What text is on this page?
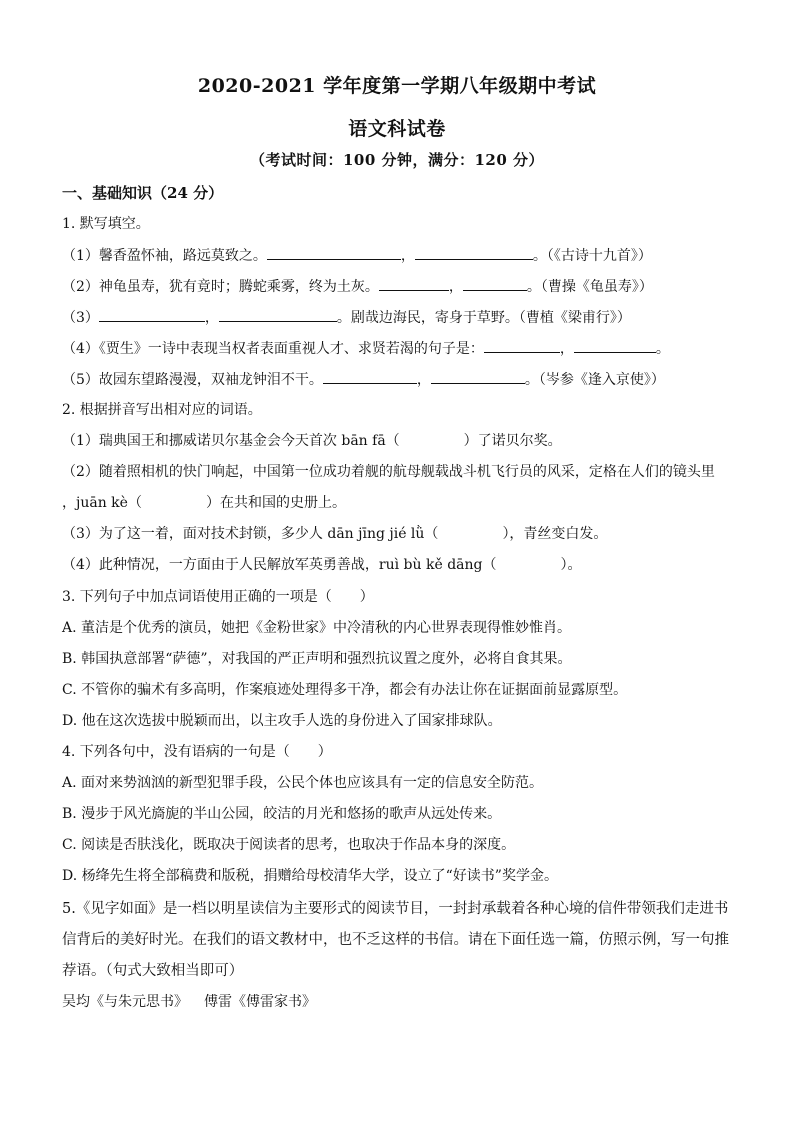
2020-2021 学年度第一学期八年级期中考试
语文科试卷
（考试时间：100 分钟，满分：120 分）
一、基础知识（24 分）
1. 默写填空。
（1）馨香盈怀袖，路远莫致之。	，	。（《古诗十九首》）
（2）神龟虽寿，犹有竟时；腾蛇乘雾，终为土灰。	，	。（曹操《龟虽寿》）
（3）	，	。剧哉边海民，寄身于草野。（曹植《梁甫行》）
（4）《贾生》一诗中表现当权者表面重视人才、求贤若渴的句子是：	，	。
（5）故园东望路漫漫，双袖龙钟泪不干。	，	。（岑参《逢入京使》）
2. 根据拼音写出相对应的词语。
（1）瑞典国王和挪威诺贝尔基金会今天首次 bān fā（	）了诺贝尔奖。
（2）随着照相机的快门响起，中国第一位成功着舰的航母舰载战斗机飞行员的风采，定格在人们的镜头里
，juān kè（	）在共和国的史册上。
（3）为了这一着，面对技术封锁，多少人 dān jīng jié lǜ（	），青丝变白发。
（4）此种情况，一方面由于人民解放军英勇善战，ruì bù kě dāng（	）。
3. 下列句子中加点词语使用正确的一项是（　　）
A. 董洁是个优秀的演员，她把《金粉世家》中冷清秋的内心世界表现得惟妙惟肖。
B. 韩国执意部署“萨德”，对我国的严正声明和强烈抗议置之度外，必将自食其果。
C. 不管你的骗术有多高明，作案痕迹处理得多干净，都会有办法让你在证据面前显露原型。
D. 他在这次选拔中脱颖而出，以主攻手人选的身份进入了国家排球队。
4. 下列各句中，没有语病的一句是（　　）
A. 面对来势汹汹的新型犯罪手段，公民个体也应该具有一定的信息安全防范。
B. 漫步于风光旖旎的半山公园，皎洁的月光和悠扬的歌声从远处传来。
C. 阅读是否肤浅化，既取决于阅读者的思考，也取决于作品本身的深度。
D. 杨绛先生将全部稿费和版税，捐赠给母校清华大学，设立了“好读书”奖学金。
5.《见字如面》是一档以明星读信为主要形式的阅读节目，一封封承载着各种心境的信件带领我们走进书
信背后的美好时光。在我们的语文教材中，也不乏这样的书信。请在下面任选一篇，仿照示例，写一句推
荐语。（句式大致相当即可）
吴均《与朱元思书》 傅雷《傅雷家书》
